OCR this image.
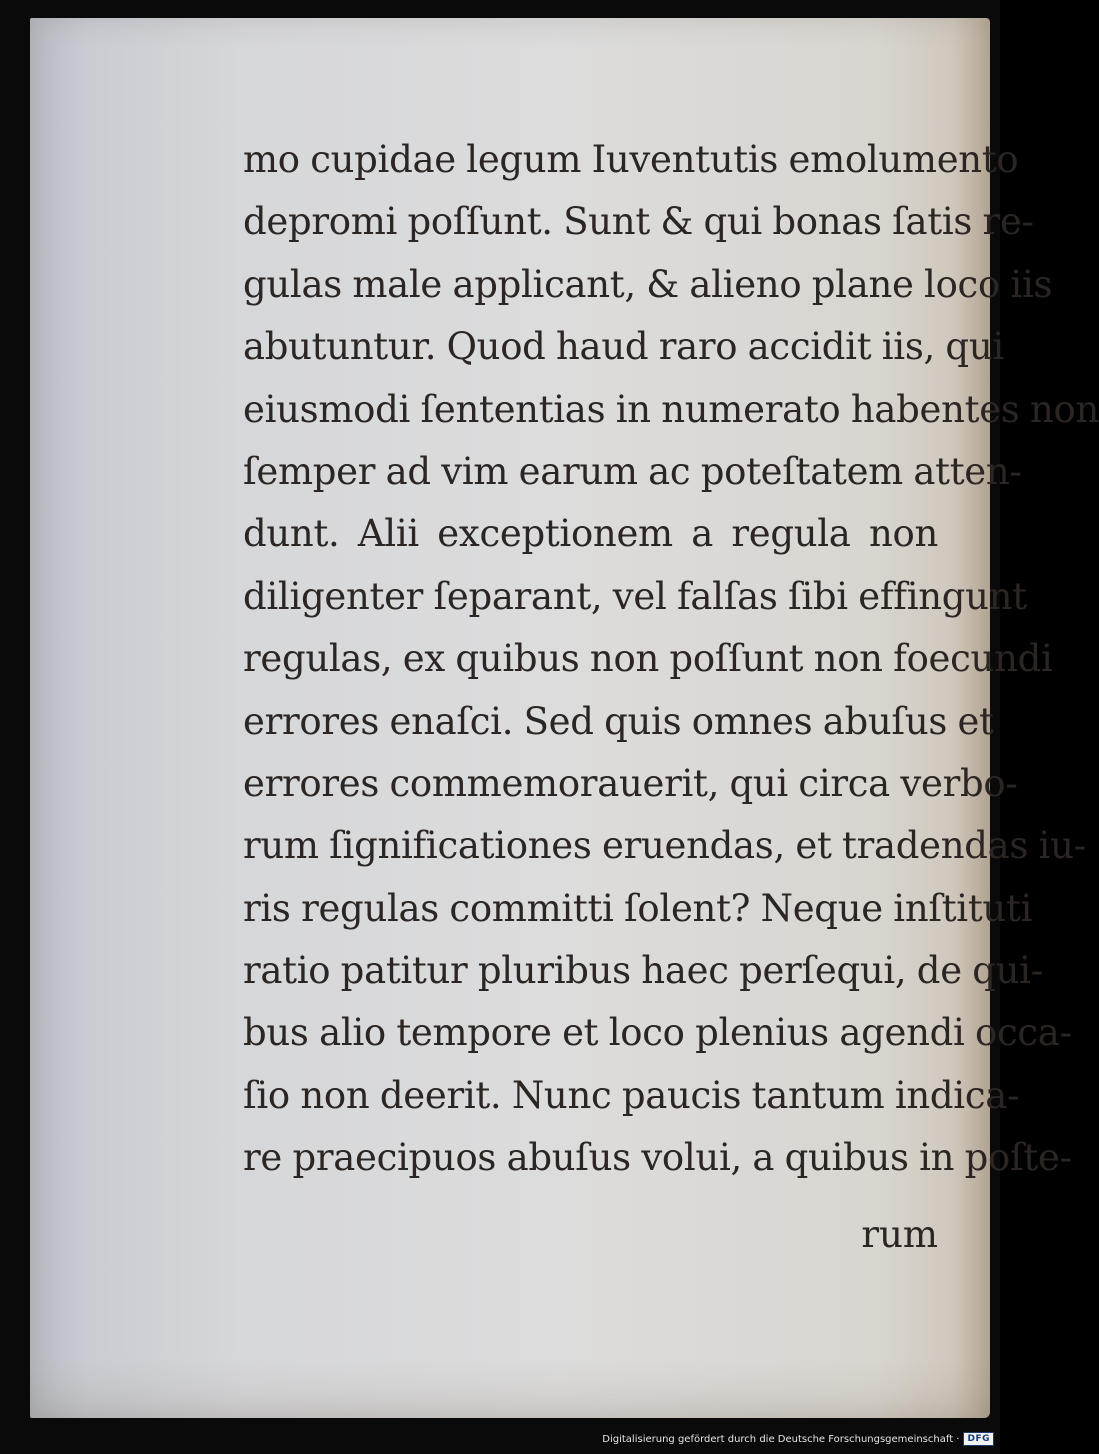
mo cupidae legum Iuventutis emolumento
depromi poſſunt. Sunt & qui bonas ſatis re-
gulas male applicant, & alieno plane loco iis
abutuntur. Quod haud raro accidit iis, qui
eiusmodi ſententias in numerato habentes non
ſemper ad vim earum ac poteſtatem atten-
dunt. Alii exceptionem a regula non
diligenter ſeparant, vel falſas ſibi effingunt
regulas, ex quibus non poſſunt non foecundi
errores enaſci. Sed quis omnes abuſus et
errores commemorauerit, qui circa verbo-
rum ſignificationes eruendas, et tradendas iu-
ris regulas committi ſolent? Neque inſtituti
ratio patitur pluribus haec perſequi, de qui-
bus alio tempore et loco plenius agendi occa-
ſio non deerit. Nunc paucis tantum indica-
re praecipuos abuſus volui, a quibus in poſte-
rum
Digitalisierung gefördert durch die Deutsche Forschungsgemeinschaft · DFG
